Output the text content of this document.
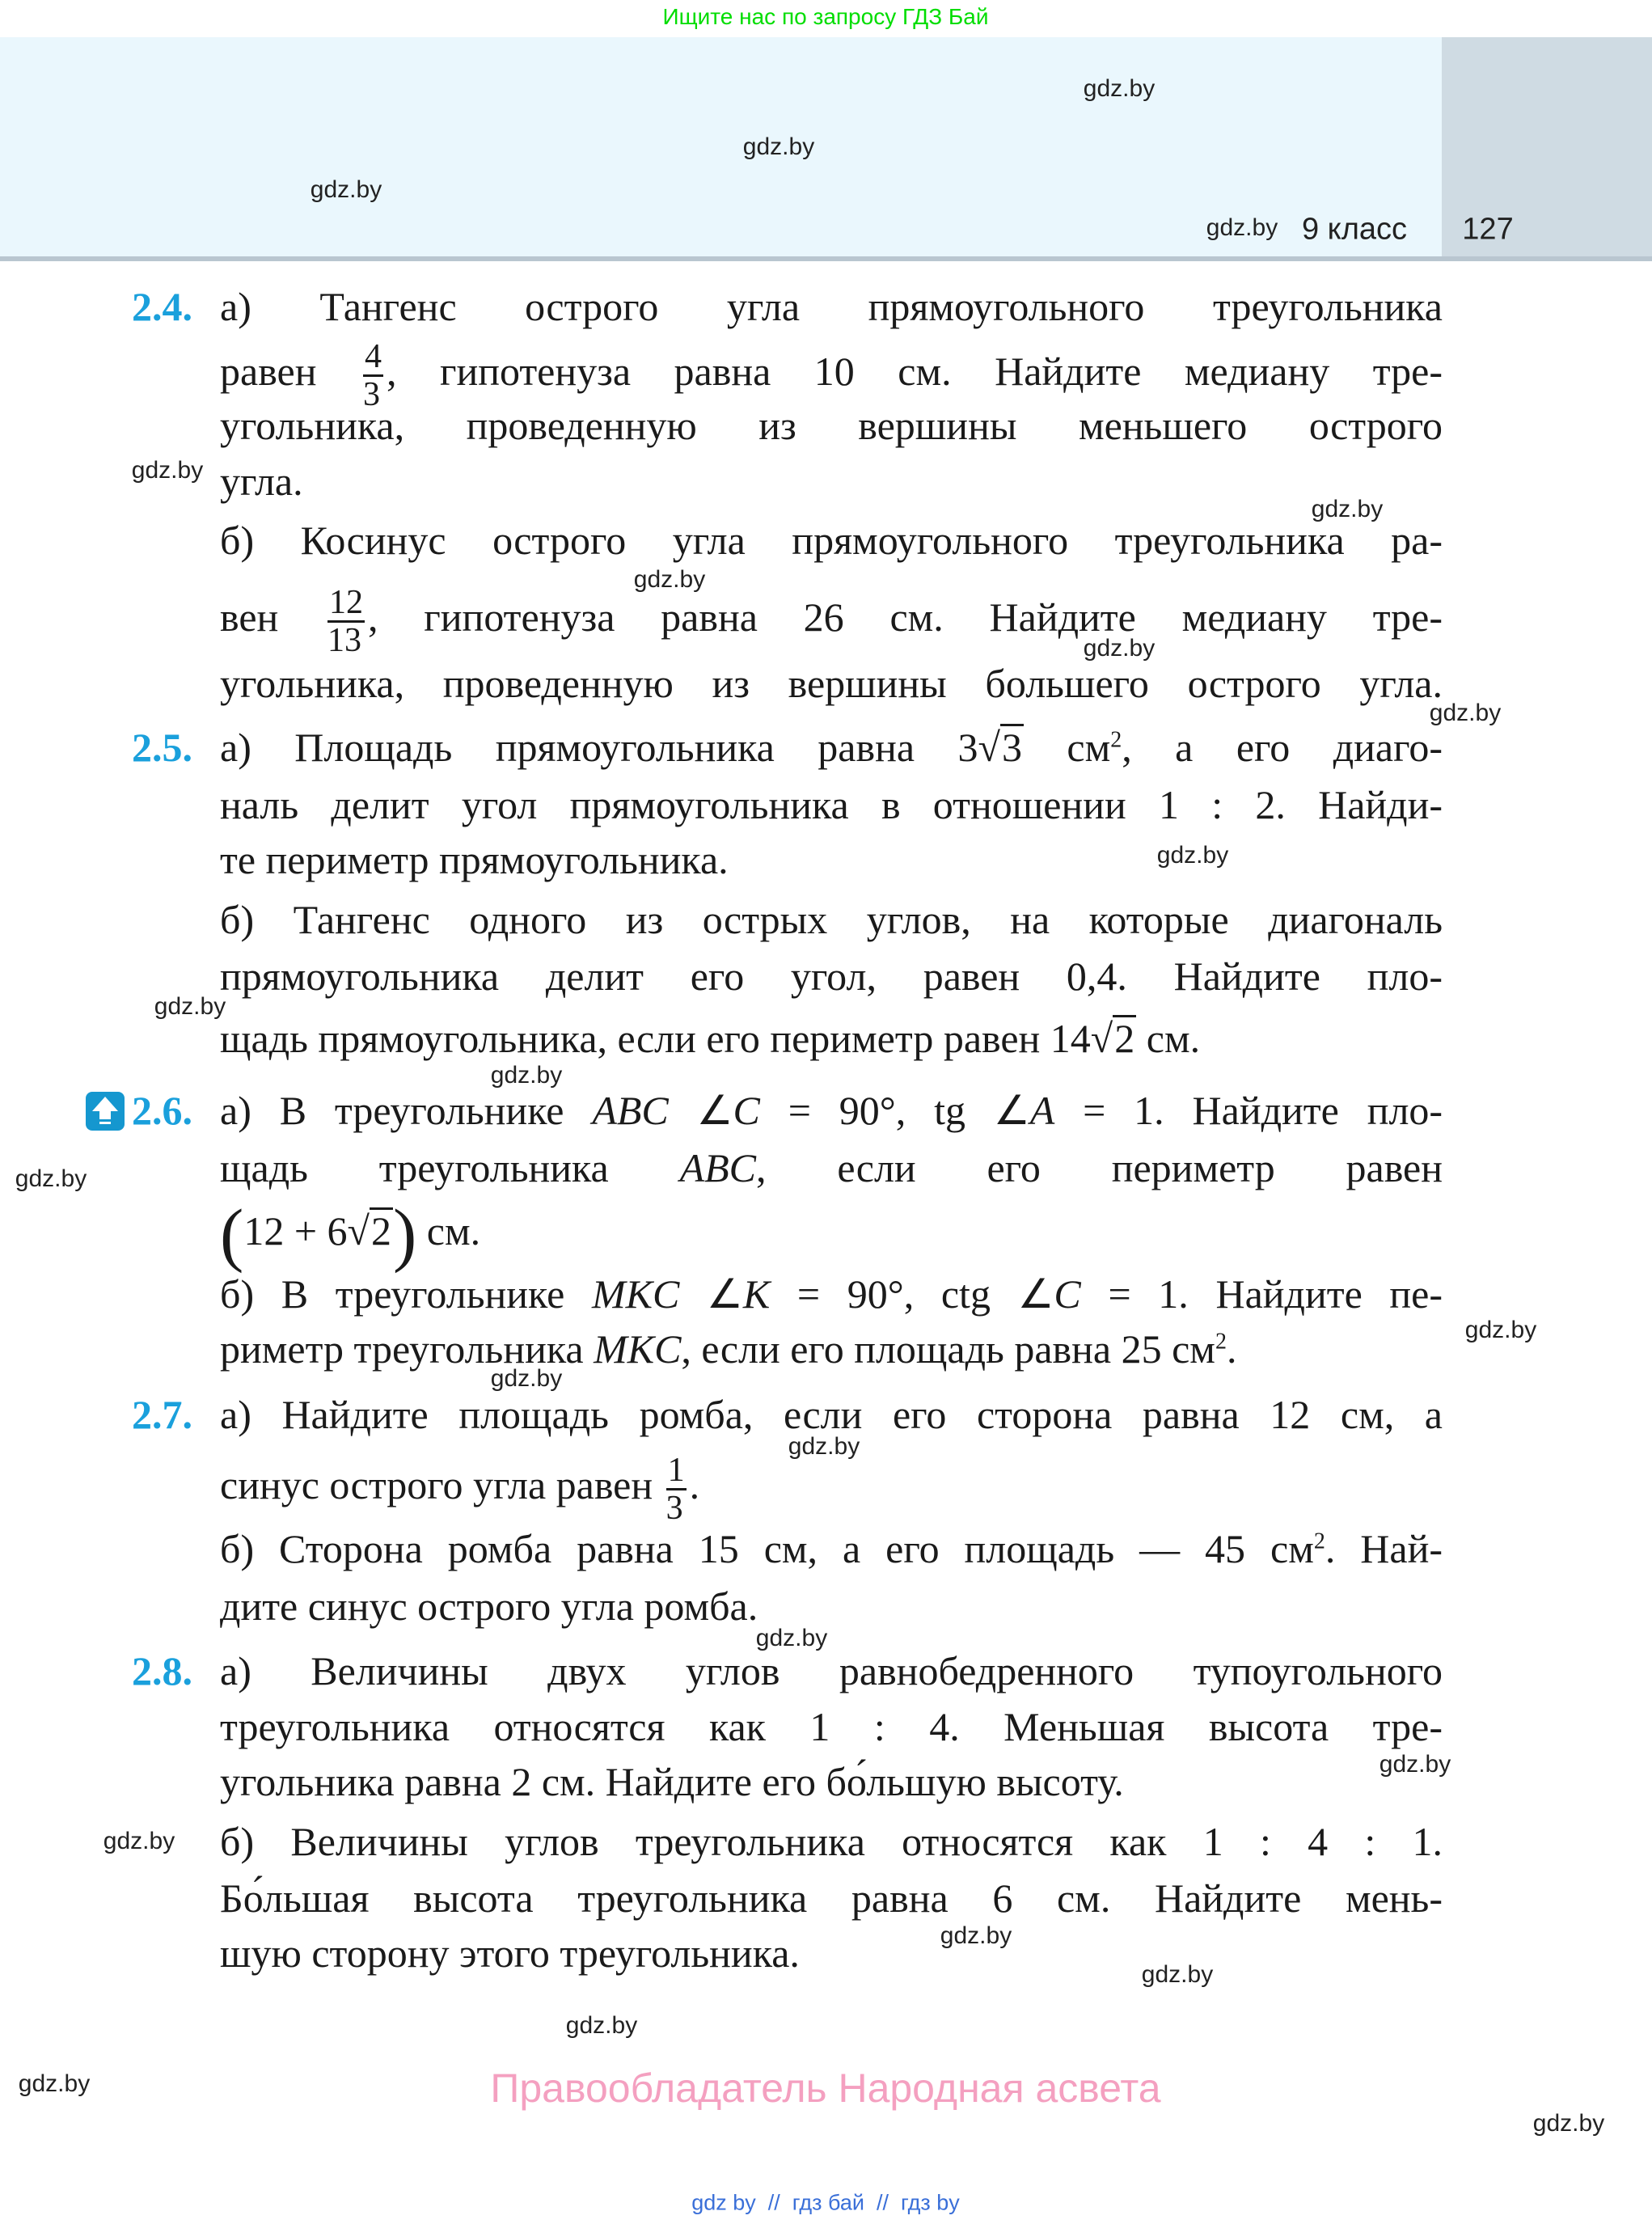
Ищите нас по запросу ГДЗ Бай
9 класс 127
2.4. а) Тангенс острого угла прямоугольного треугольника
равен $\frac{4}{3}$ , гипотенуза равна 10 см. Найдите медиану тре-
угольника, проведенную из вершины меньшего острого
угла.
б) Косинус острого угла прямоугольного треугольника ра-
вен $\frac{12}{13}$ , гипотенуза равна 26 см. Найдите медиану тре-
угольника, проведенную из вершины большего острого угла.
2.5. а) Площадь прямоугольника равна 3√3 $см^2$, а его диаго-
наль делит угол прямоугольника в отношении 1 : 2. Найди-
те периметр прямоугольника.
б) Тангенс одного из острых углов, на которые диагональ
прямоугольника делит его угол, равен 0,4. Найдите пло-
щадь прямоугольника, если его периметр равен 14√2 см.
2.6. а) В треугольнике ABC ∠C = 90°, tg ∠A = 1. Найдите пло-
щадь треугольника ABC, если его периметр равен
(12 + 6√2) см.
б) В треугольнике MKC ∠K = 90°, ctg ∠C = 1. Найдите пе-
риметр треугольника MKC, если его площадь равна 25 $см^2$.
2.7. а) Найдите площадь ромба, если его сторона равна 12 см, а
синус острого угла равен $\frac{1}{3}$ .
б) Сторона ромба равна 15 см, а его площадь — 45 $см^2$. Най-
дите синус острого угла ромба.
2.8. а) Величины двух углов равнобедренного тупоугольного
треугольника относятся как 1 : 4. Меньшая высота тре-
угольника равна 2 см. Найдите его бо́льшую высоту.
б) Величины углов треугольника относятся как 1 : 4 : 1.
Бо́льшая высота треугольника равна 6 см. Найдите мень-
шую сторону этого треугольника.
gdz.by
gdz.by
gdz.by
gdz.by
gdz.by
gdz.by
gdz.by
gdz.by
gdz.by
gdz.by
gdz.by
gdz.by
gdz.by
gdz.by
gdz.by
gdz.by
gdz.by
gdz.by
gdz.by
gdz.by
gdz.by
gdz.by
gdz.by
gdz.by
Правообладатель Народная асвета
gdz by  //  гдз бай  //  гдз by
